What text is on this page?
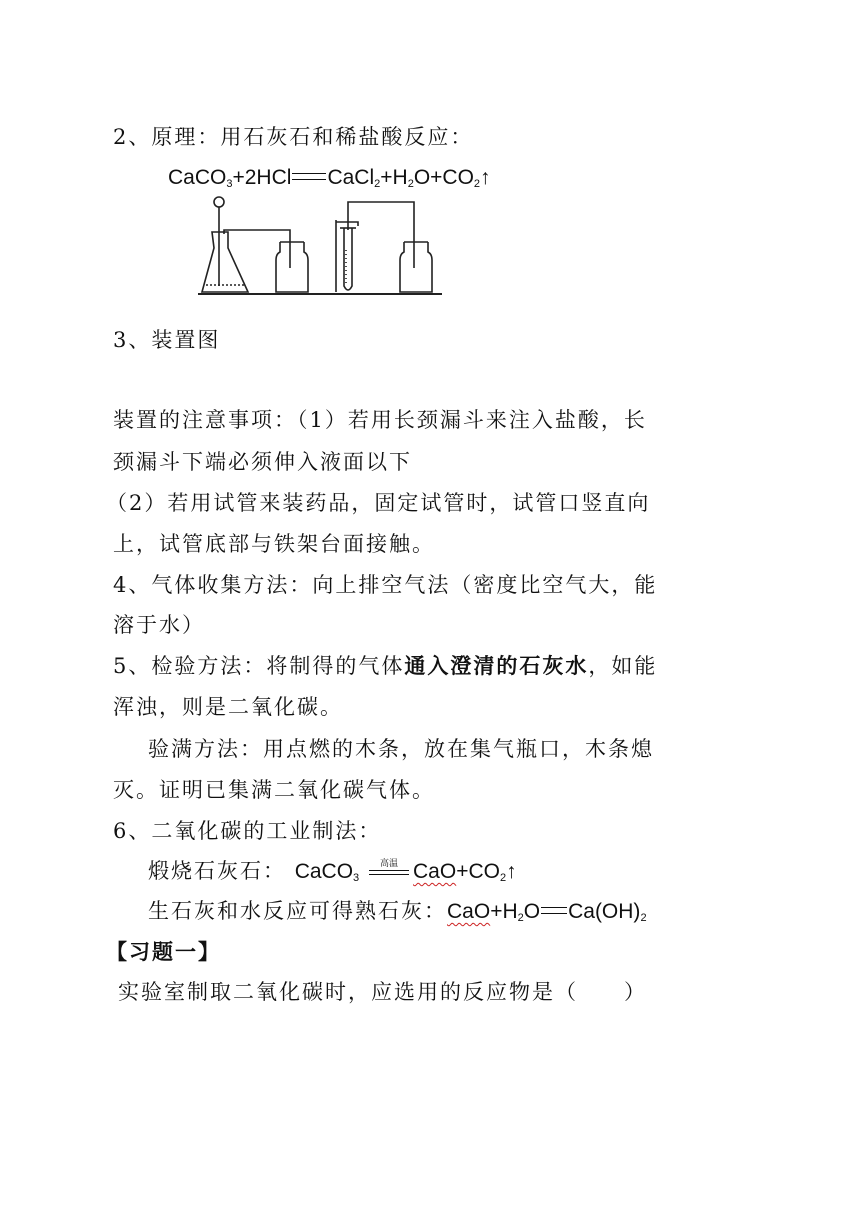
2、原理：用石灰石和稀盐酸反应：
CaCO$_3$+2HCl $CaCl_2+H_2O+CO_2↑$
3、装置图
装置的注意事项：（1）若用长颈漏斗来注入盐酸，长
颈漏斗下端必须伸入液面以下
（2）若用试管来装药品，固定试管时，试管口竖直向
上，试管底部与铁架台面接触。
4、气体收集方法：向上排空气法（密度比空气大，能
溶于水）
5、检验方法：将制得的气体通入澄清的石灰水，如能
浑浊，则是二氧化碳。
验满方法：用点燃的木条，放在集气瓶口，木条熄
灭。证明已集满二氧化碳气体。
6、二氧化碳的工业制法：
煅烧石灰石： CaCO$_3$
高温 $CaO+CO_2↑$
生石灰和水反应可得熟石灰：$CaO+H_2O$ $Ca(OH)_2$
【习题一】
实验室制取二氧化碳时，应选用的反应物是（　　）
